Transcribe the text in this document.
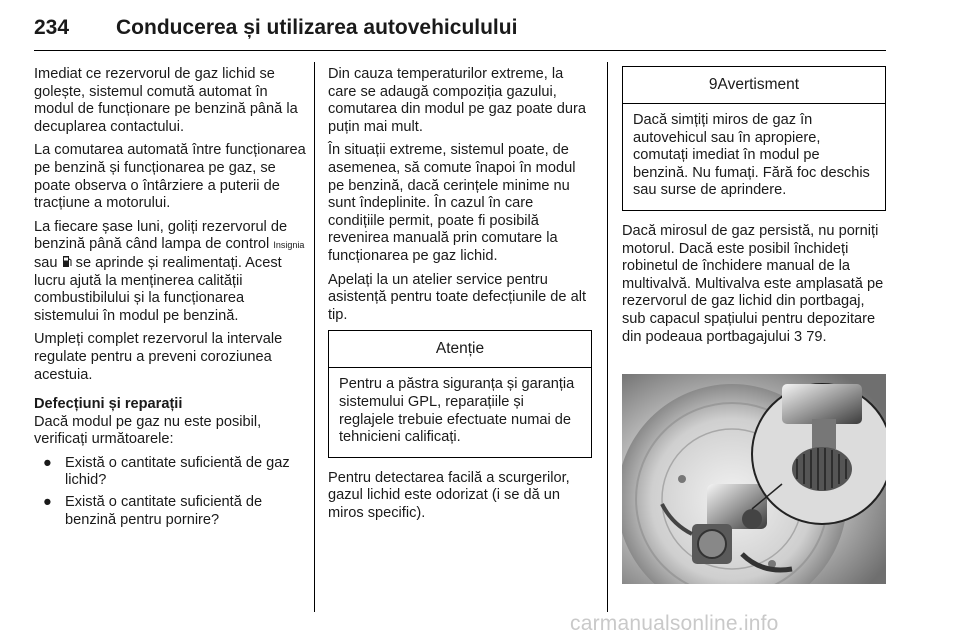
234 Conducerea și utilizarea autovehiculului

Imediat ce rezervorul de gaz lichid se golește, sistemul comută automat în modul de funcționare pe benzină până la decuplarea contactului.

La comutarea automată între funcționarea pe benzină și funcționarea pe gaz, se poate observa o întârziere a puterii de tracțiune a motorului.

La fiecare șase luni, goliți rezervorul de benzină până când lampa de control Insignia sau  se aprinde și realimentați. Acest lucru ajută la menținerea calității combustibilului și la funcționarea sistemului în modul pe benzină.

Umpleți complet rezervorul la intervale regulate pentru a preveni coroziunea acestuia.

Defecțiuni și reparații

Dacă modul pe gaz nu este posibil, verificați următoarele:

● Există o cantitate suficientă de gaz lichid?
● Există o cantitate suficientă de benzină pentru pornire?

Din cauza temperaturilor extreme, la care se adaugă compoziția gazului, comutarea din modul pe gaz poate dura puțin mai mult.

În situații extreme, sistemul poate, de asemenea, să comute înapoi în modul pe benzină, dacă cerințele minime nu sunt îndeplinite. În cazul în care condițiile permit, poate fi posibilă revenirea manuală prin comutare la funcționarea pe gaz lichid.

Apelați la un atelier service pentru asistență pentru toate defecțiunile de alt tip.

Atenție
Pentru a păstra siguranța și garanția sistemului GPL, reparațiile și reglajele trebuie efectuate numai de tehnicieni calificați.

Pentru detectarea facilă a scurgerilor, gazul lichid este odorizat (i se dă un miros specific).

9Avertisment
Dacă simțiți miros de gaz în autovehicul sau în apropiere, comutați imediat în modul pe benzină. Nu fumați. Fără foc deschis sau surse de aprindere.

Dacă mirosul de gaz persistă, nu porniți motorul. Dacă este posibil închideți robinetul de închidere manual de la multivalvă. Multivalva este amplasată pe rezervorul de gaz lichid din portbagaj, sub capacul spațiului pentru depozitare din podeaua portbagajului 3 79.

carmanualsonline.info
